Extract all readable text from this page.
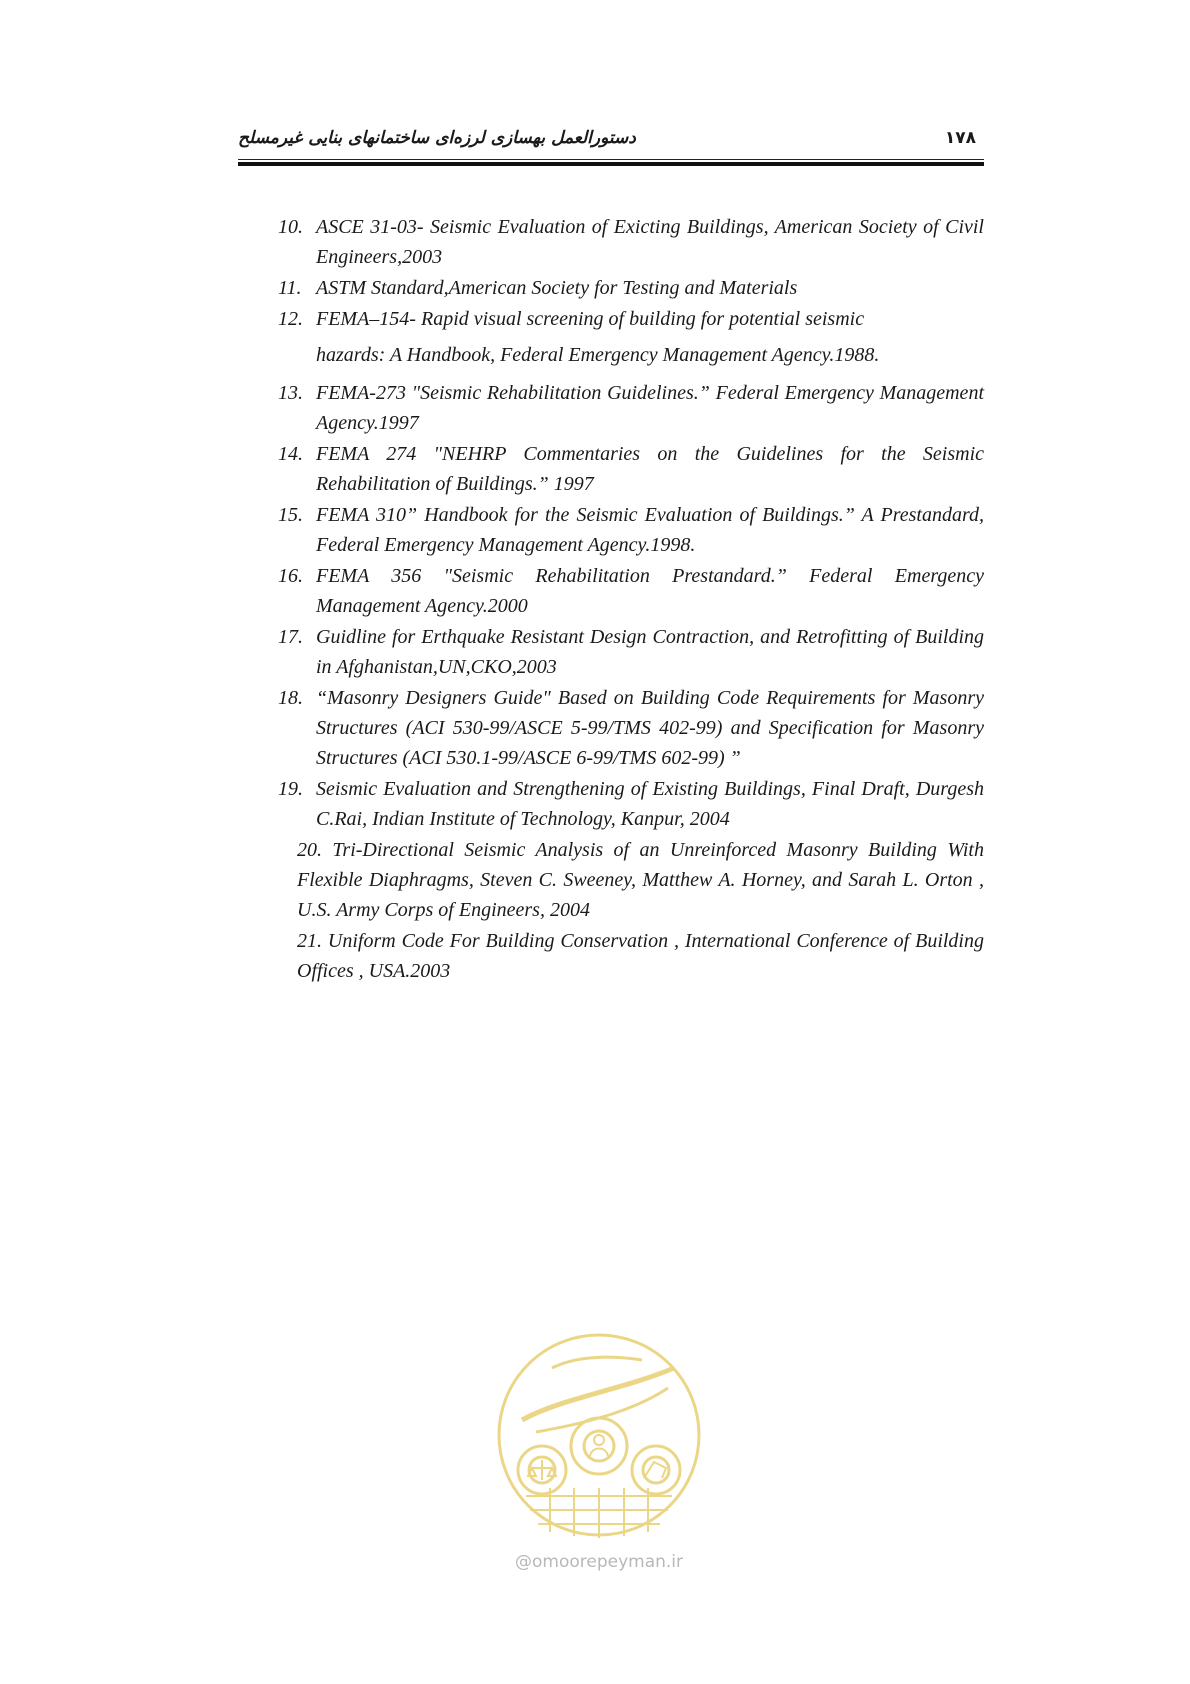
دستورالعمل بهسازی لرزه‌ای ساختمانهای بنایی غیرمسلح	۱۷۸
10. ASCE 31-03- Seismic Evaluation of Exicting Buildings, American Society of Civil Engineers,2003
11. ASTM Standard,American Society for Testing and Materials
12. FEMA–154- Rapid visual screening of building for potential seismic
hazards: A Handbook, Federal Emergency Management Agency.1988.
13. FEMA-273 "Seismic Rehabilitation Guidelines.” Federal Emergency Management Agency.1997
14. FEMA 274 "NEHRP Commentaries on the Guidelines for the Seismic Rehabilitation of Buildings.” 1997
15. FEMA 310” Handbook for the Seismic Evaluation of Buildings.” A Prestandard, Federal Emergency Management Agency.1998.
16. FEMA 356 "Seismic Rehabilitation Prestandard.” Federal Emergency Management Agency.2000
17. Guidline for Erthquake Resistant Design Contraction, and Retrofitting of Building in Afghanistan,UN,CKO,2003
18. “Masonry Designers Guide" Based on Building Code Requirements for Masonry Structures (ACI 530-99/ASCE 5-99/TMS 402-99) and Specification for Masonry Structures (ACI 530.1-99/ASCE 6-99/TMS 602-99) ”
19. Seismic Evaluation and Strengthening of Existing Buildings, Final Draft, Durgesh C.Rai, Indian Institute of Technology, Kanpur, 2004
20. Tri-Directional Seismic Analysis of an Unreinforced Masonry Building With Flexible Diaphragms, Steven C. Sweeney, Matthew A. Horney, and Sarah L. Orton , U.S. Army Corps of Engineers, 2004
21. Uniform Code For Building Conservation , International Conference of Building Offices , USA.2003
@omoorepeyman.ir
